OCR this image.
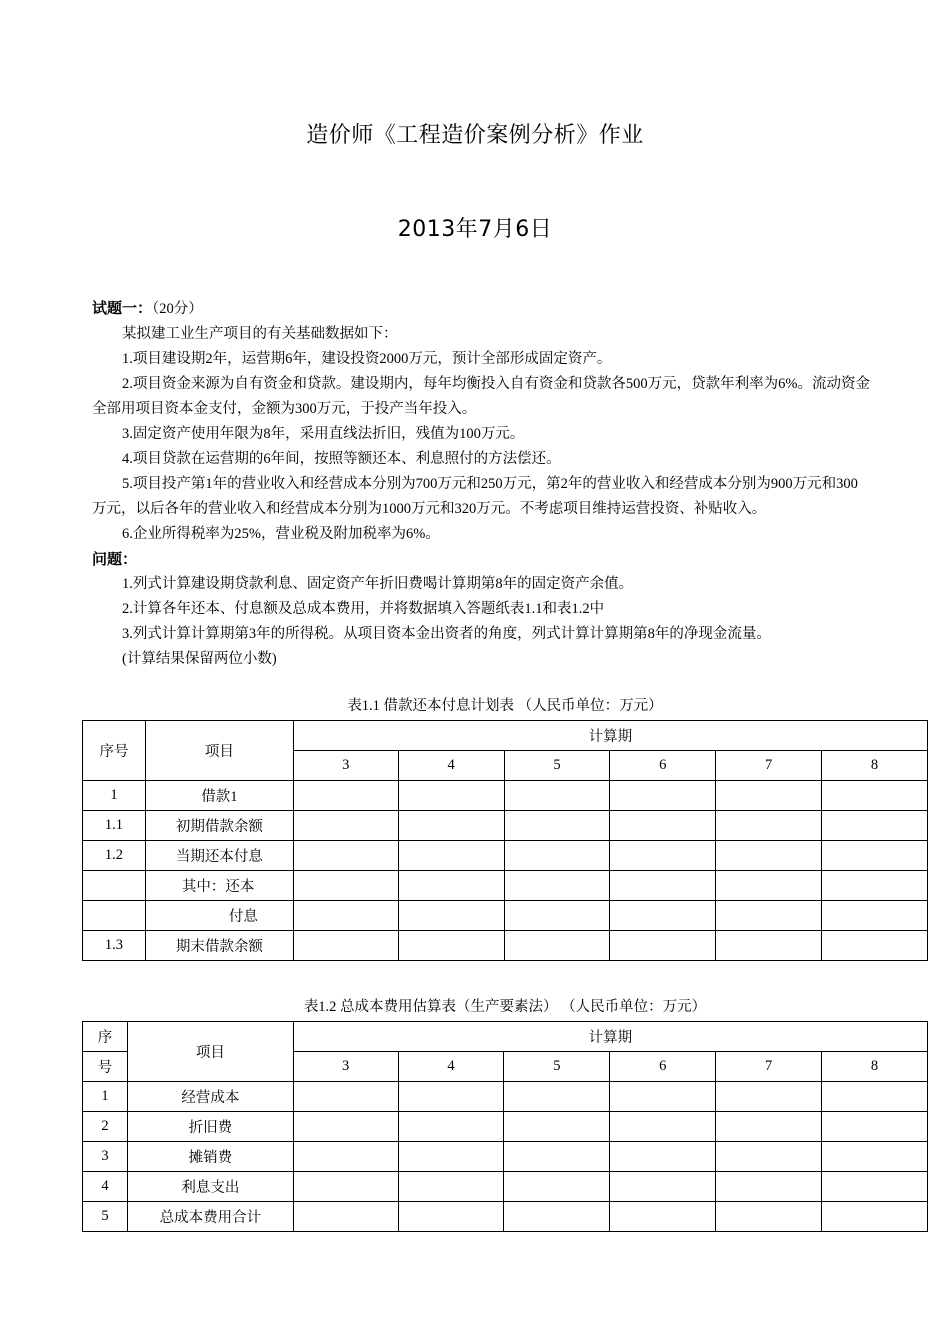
造价师《工程造价案例分析》作业
2013年7月6日

试题一：（20分）

某拟建工业生产项目的有关基础数据如下：

1.项目建设期2年，运营期6年，建设投资2000万元，预计全部形成固定资产。

2.项目资金来源为自有资金和贷款。建设期内，每年均衡投入自有资金和贷款各500万元，贷款年利率为6%。流动资金全部用项目资本金支付，金额为300万元，于投产当年投入。

3.固定资产使用年限为8年，采用直线法折旧，残值为100万元。

4.项目贷款在运营期的6年间，按照等额还本、利息照付的方法偿还。

5.项目投产第1年的营业收入和经营成本分别为700万元和250万元，第2年的营业收入和经营成本分别为900万元和300万元，以后各年的营业收入和经营成本分别为1000万元和320万元。不考虑项目维持运营投资、补贴收入。

6.企业所得税率为25%，营业税及附加税率为6%。

问题：

1.列式计算建设期贷款利息、固定资产年折旧费喝计算期第8年的固定资产余值。

2.计算各年还本、付息额及总成本费用，并将数据填入答题纸表1.1和表1.2中

3.列式计算计算期第3年的所得税。从项目资本金出资者的角度，列式计算计算期第8年的净现金流量。

(计算结果保留两位小数)

表1.1 借款还本付息计划表 （人民币单位：万元）
序号	项目	计算期					
		3	4	5	6	7	8
1	借款1						
1.1	初期借款余额						
1.2	当期还本付息						
	其中：还本						
	付息						
1.3	期末借款余额						
表1.2 总成本费用估算表（生产要素法） （人民币单位：万元）
序	项目	计算期					
号		3	4	5	6	7	8
1	经营成本						
2	折旧费						
3	摊销费						
4	利息支出						
5	总成本费用合计						
